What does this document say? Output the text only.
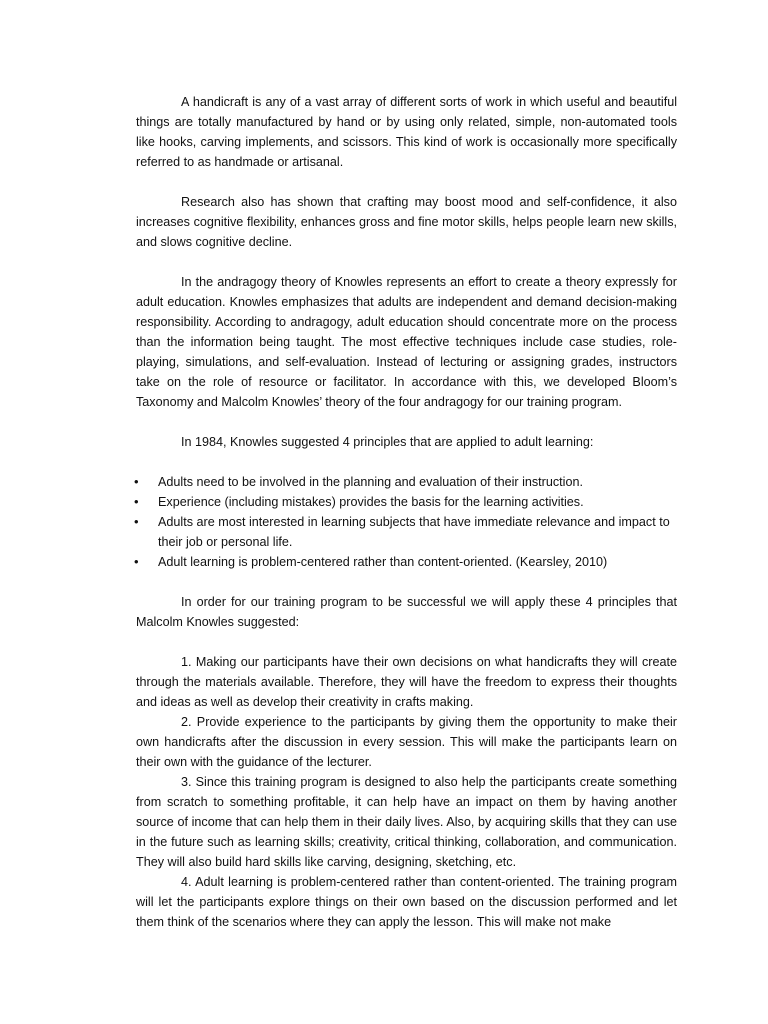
A handicraft is any of a vast array of different sorts of work in which useful and beautiful things are totally manufactured by hand or by using only related, simple, non-automated tools like hooks, carving implements, and scissors. This kind of work is occasionally more specifically referred to as handmade or artisanal.

Research also has shown that crafting may boost mood and self-confidence, it also increases cognitive flexibility, enhances gross and fine motor skills, helps people learn new skills, and slows cognitive decline.

In the andragogy theory of Knowles represents an effort to create a theory expressly for adult education. Knowles emphasizes that adults are independent and demand decision-making responsibility. According to andragogy, adult education should concentrate more on the process than the information being taught. The most effective techniques include case studies, role-playing, simulations, and self-evaluation. Instead of lecturing or assigning grades, instructors take on the role of resource or facilitator. In accordance with this, we developed Bloom’s Taxonomy and Malcolm Knowles’ theory of the four andragogy for our training program.

In 1984, Knowles suggested 4 principles that are applied to adult learning:

• Adults need to be involved in the planning and evaluation of their instruction.
• Experience (including mistakes) provides the basis for the learning activities.
• Adults are most interested in learning subjects that have immediate relevance and impact to their job or personal life.
• Adult learning is problem-centered rather than content-oriented. (Kearsley, 2010)

In order for our training program to be successful we will apply these 4 principles that Malcolm Knowles suggested:

1. Making our participants have their own decisions on what handicrafts they will create through the materials available. Therefore, they will have the freedom to express their thoughts and ideas as well as develop their creativity in crafts making.

2. Provide experience to the participants by giving them the opportunity to make their own handicrafts after the discussion in every session. This will make the participants learn on their own with the guidance of the lecturer.

3. Since this training program is designed to also help the participants create something from scratch to something profitable, it can help have an impact on them by having another source of income that can help them in their daily lives. Also, by acquiring skills that they can use in the future such as learning skills; creativity, critical thinking, collaboration, and communication. They will also build hard skills like carving, designing, sketching, etc.

4. Adult learning is problem-centered rather than content-oriented. The training program will let the participants explore things on their own based on the discussion performed and let them think of the scenarios where they can apply the lesson. This will make not make
